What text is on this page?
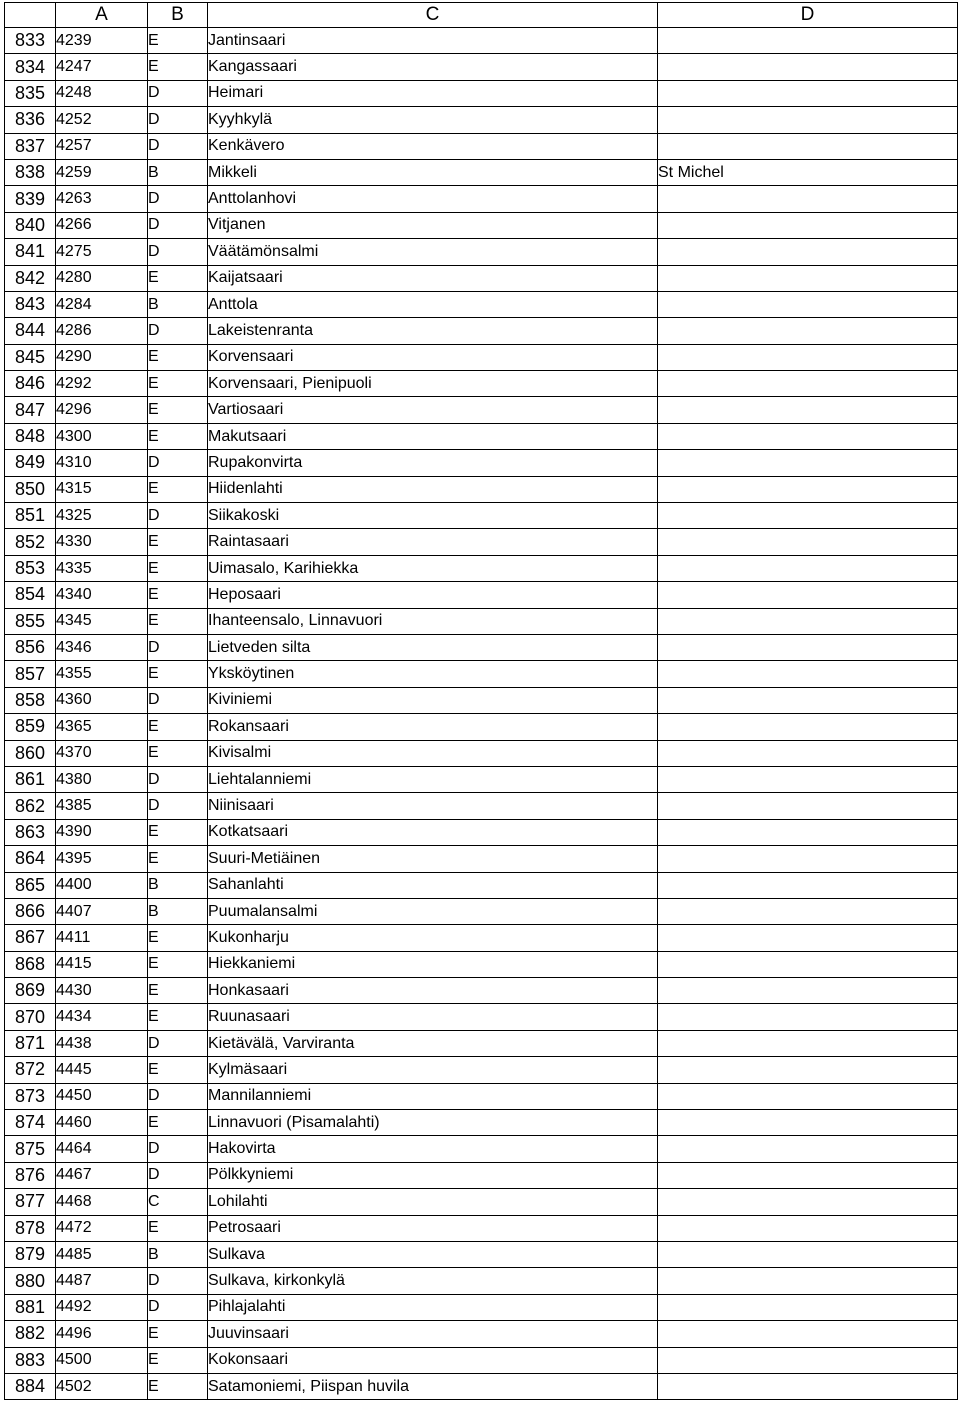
	A	B	C	D
833	4239	E	Jantinsaari	
834	4247	E	Kangassaari	
835	4248	D	Heimari	
836	4252	D	Kyyhkylä	
837	4257	D	Kenkävero	
838	4259	B	Mikkeli	St Michel
839	4263	D	Anttolanhovi	
840	4266	D	Vitjanen	
841	4275	D	Väätämönsalmi	
842	4280	E	Kaijatsaari	
843	4284	B	Anttola	
844	4286	D	Lakeistenranta	
845	4290	E	Korvensaari	
846	4292	E	Korvensaari, Pienipuoli	
847	4296	E	Vartiosaari	
848	4300	E	Makutsaari	
849	4310	D	Rupakonvirta	
850	4315	E	Hiidenlahti	
851	4325	D	Siikakoski	
852	4330	E	Raintasaari	
853	4335	E	Uimasalo, Karihiekka	
854	4340	E	Heposaari	
855	4345	E	Ihanteensalo, Linnavuori	
856	4346	D	Lietveden silta	
857	4355	E	Yksköytinen	
858	4360	D	Kiviniemi	
859	4365	E	Rokansaari	
860	4370	E	Kivisalmi	
861	4380	D	Liehtalanniemi	
862	4385	D	Niinisaari	
863	4390	E	Kotkatsaari	
864	4395	E	Suuri-Metiäinen	
865	4400	B	Sahanlahti	
866	4407	B	Puumalansalmi	
867	4411	E	Kukonharju	
868	4415	E	Hiekkaniemi	
869	4430	E	Honkasaari	
870	4434	E	Ruunasaari	
871	4438	D	Kietävälä, Varviranta	
872	4445	E	Kylmäsaari	
873	4450	D	Mannilanniemi	
874	4460	E	Linnavuori (Pisamalahti)	
875	4464	D	Hakovirta	
876	4467	D	Pölkkyniemi	
877	4468	C	Lohilahti	
878	4472	E	Petrosaari	
879	4485	B	Sulkava	
880	4487	D	Sulkava, kirkonkylä	
881	4492	D	Pihlajalahti	
882	4496	E	Juuvinsaari	
883	4500	E	Kokonsaari	
884	4502	E	Satamoniemi, Piispan huvila	
